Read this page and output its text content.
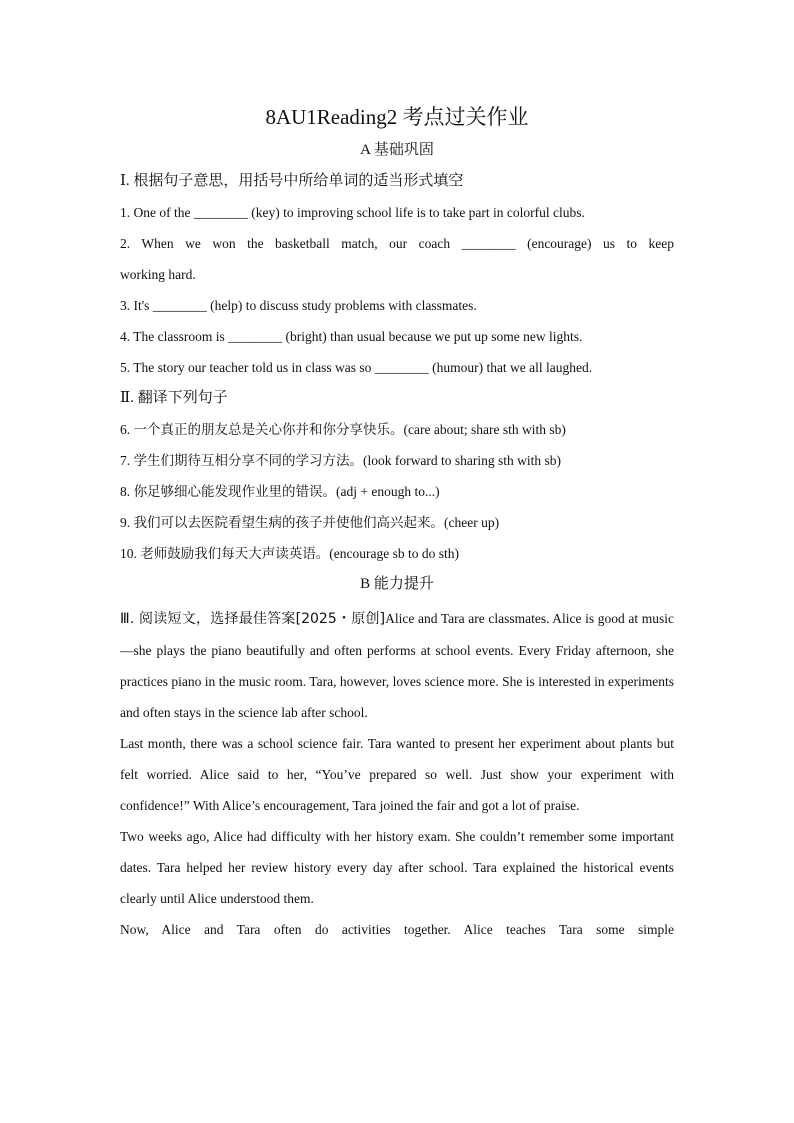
8AU1Reading2 考点过关作业
A 基础巩固
Ⅰ. 根据句子意思，用括号中所给单词的适当形式填空
1. One of the ________ (key) to improving school life is to take part in colorful clubs.
2. When we won the basketball match, our coach ________ (encourage) us to keep
working hard.
3. It's ________ (help) to discuss study problems with classmates.
4. The classroom is ________ (bright) than usual because we put up some new lights.
5. The story our teacher told us in class was so ________ (humour) that we all laughed.
Ⅱ. 翻译下列句子
6. 一个真正的朋友总是关心你并和你分享快乐。(care about; share sth with sb)
7. 学生们期待互相分享不同的学习方法。(look forward to sharing sth with sb)
8. 你足够细心能发现作业里的错误。(adj + enough to...)
9. 我们可以去医院看望生病的孩子并使他们高兴起来。(cheer up)
10. 老师鼓励我们每天大声读英语。(encourage sb to do sth)
B 能力提升

Ⅲ. 阅读短文，选择最佳答案[2025・原创]Alice and Tara are classmates. Alice is good at music —she plays the piano beautifully and often performs at school events. Every Friday afternoon, she practices piano in the music room. Tara, however, loves science more. She is interested in experiments and often stays in the science lab after school.

Last month, there was a school science fair. Tara wanted to present her experiment about plants but felt worried. Alice said to her, “You’ve prepared so well. Just show your experiment with confidence!” With Alice’s encouragement, Tara joined the fair and got a lot of praise.

Two weeks ago, Alice had difficulty with her history exam. She couldn’t remember some important dates. Tara helped her review history every day after school. Tara explained the historical events clearly until Alice understood them.

Now, Alice and Tara often do activities together. Alice teaches Tara some simple
